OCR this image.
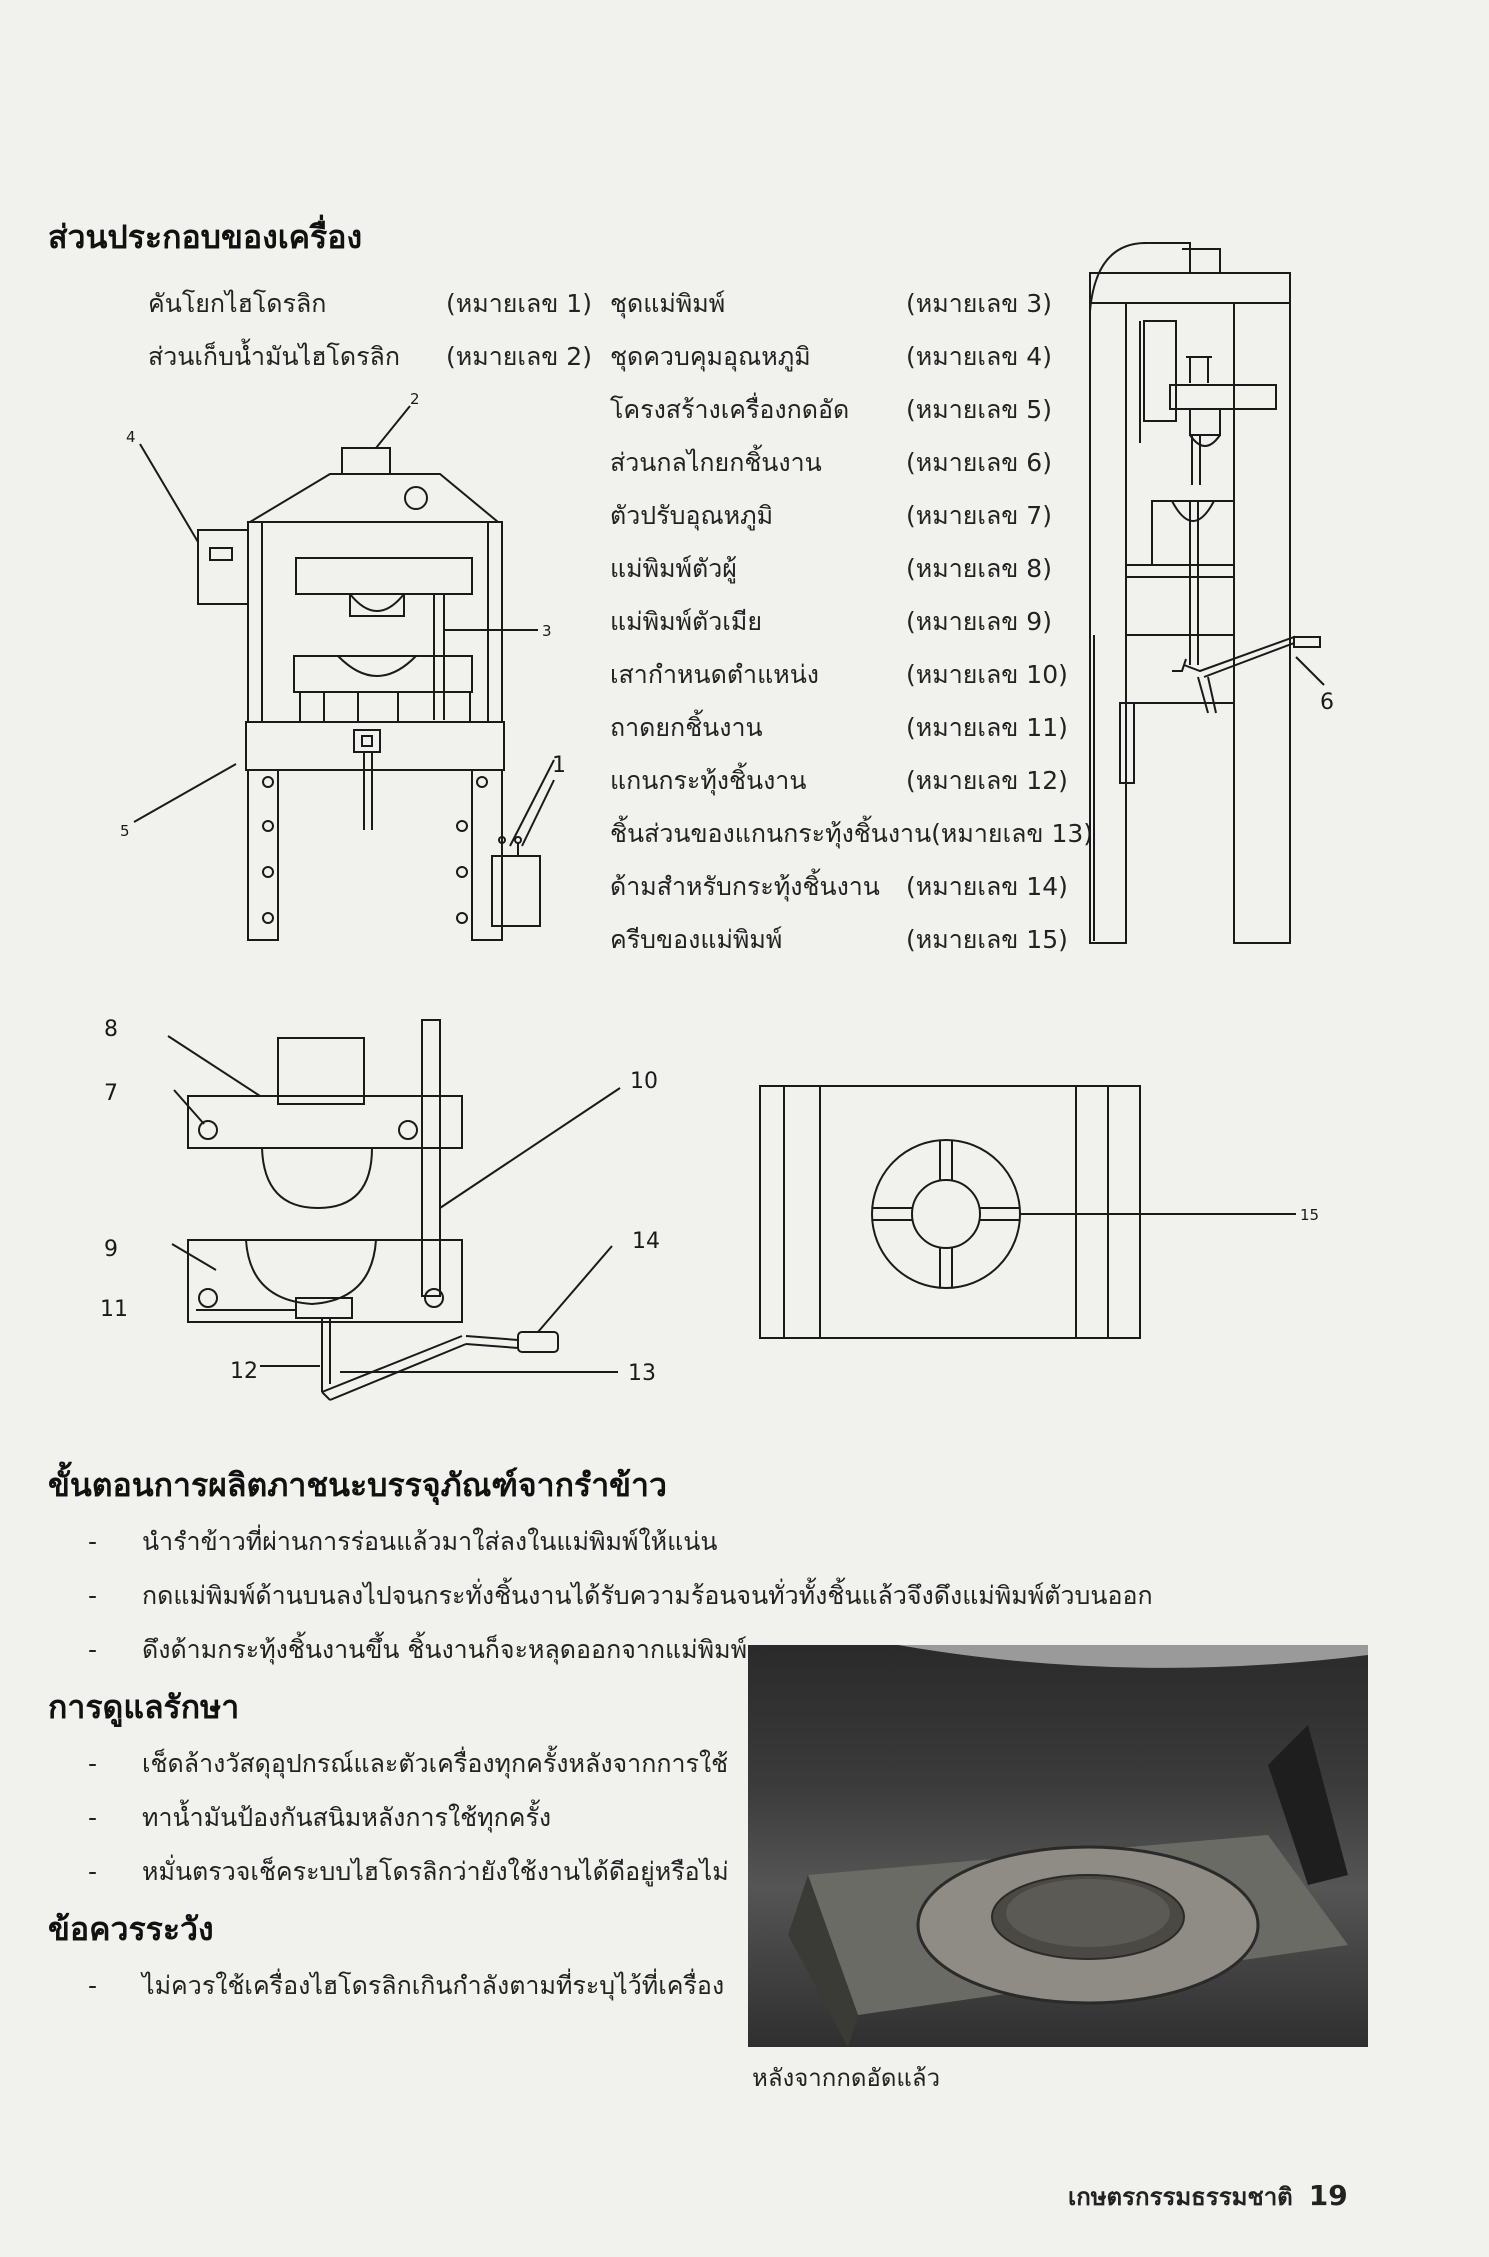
ส่วนประกอบของเครื่อง
คันโยกไฮโดรลิก	(หมายเลข 1)
ส่วนเก็บน้ำมันไฮโดรลิก (หมายเลข 2)
ชุดแม่พิมพ์	(หมายเลข 3)
ชุดควบคุมอุณหภูมิ	(หมายเลข 4)
โครงสร้างเครื่องกดอัด (หมายเลข 5)
ส่วนกลไกยกชิ้นงาน	(หมายเลข 6)
ตัวปรับอุณหภูมิ	(หมายเลข 7)
แม่พิมพ์ตัวผู้	(หมายเลข 8)
แม่พิมพ์ตัวเมีย	(หมายเลข 9)
เสากำหนดตำแหน่ง	(หมายเลข 10)
ถาดยกชิ้นงาน	(หมายเลข 11)
แกนกระทุ้งชิ้นงาน	(หมายเลข 12)
ชิ้นส่วนของแกนกระทุ้งชิ้นงาน(หมายเลข 13)
ด้ามสำหรับกระทุ้งชิ้นงาน (หมายเลข 14)
ครีบของแม่พิมพ์	(หมายเลข 15)
2
4
3
5
1
6
8
7
9
11
12	13
14
10
15
ขั้นตอนการผลิตภาชนะบรรจุภัณฑ์จากรำข้าว
- นำรำข้าวที่ผ่านการร่อนแล้วมาใส่ลงในแม่พิมพ์ให้แน่น
- กดแม่พิมพ์ด้านบนลงไปจนกระทั่งชิ้นงานได้รับความร้อนจนทั่วทั้งชิ้นแล้วจึงดึงแม่พิมพ์ตัวบนออก
- ดึงด้ามกระทุ้งชิ้นงานขึ้น ชิ้นงานก็จะหลุดออกจากแม่พิมพ์
การดูแลรักษา
- เช็ดล้างวัสดุอุปกรณ์และตัวเครื่องทุกครั้งหลังจากการใช้
- ทาน้ำมันป้องกันสนิมหลังการใช้ทุกครั้ง
- หมั่นตรวจเช็คระบบไฮโดรลิกว่ายังใช้งานได้ดีอยู่หรือไม่
ข้อควรระวัง
- ไม่ควรใช้เครื่องไฮโดรลิกเกินกำลังตามที่ระบุไว้ที่เครื่อง
หลังจากกดอัดแล้ว
เกษตรกรรมธรรมชาติ 19
